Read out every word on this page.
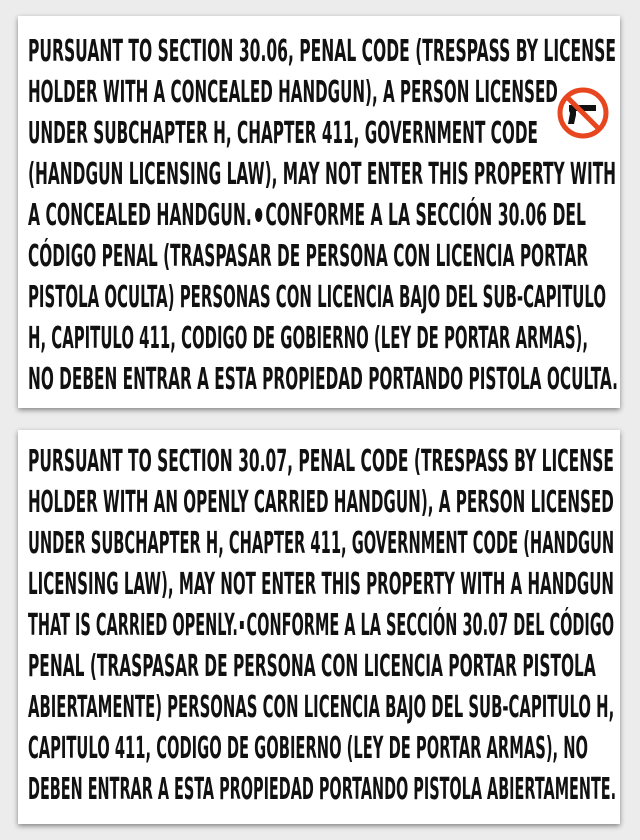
PURSUANT TO SECTION 30.06, PENAL CODE (TRESPASS BY LICENSE
HOLDER WITH A CONCEALED HANDGUN), A PERSON LICENSED
UNDER SUBCHAPTER H, CHAPTER 411, GOVERNMENT CODE
(HANDGUN LICENSING LAW), MAY NOT ENTER THIS PROPERTY WITH
A CONCEALED HANDGUN. CONFORME A LA SECCIÓN 30.06 DEL
CÓDIGO PENAL (TRASPASAR DE PERSONA CON LICENCIA PORTAR
PISTOLA OCULTA) PERSONAS CON LICENCIA BAJO DEL SUB-CAPITULO
H, CAPITULO 411, CODIGO DE GOBIERNO (LEY DE PORTAR ARMAS),
NO DEBEN ENTRAR A ESTA PROPIEDAD PORTANDO PISTOLA OCULTA.
PURSUANT TO SECTION 30.07, PENAL CODE (TRESPASS BY LICENSE
HOLDER WITH AN OPENLY CARRIED HANDGUN), A PERSON LICENSED
UNDER SUBCHAPTER H, CHAPTER 411, GOVERNMENT CODE (HANDGUN
LICENSING LAW), MAY NOT ENTER THIS PROPERTY WITH A HANDGUN
THAT IS CARRIED OPENLY. CONFORME A LA SECCIÓN 30.07 DEL CÓDIGO
PENAL (TRASPASAR DE PERSONA CON LICENCIA PORTAR PISTOLA
ABIERTAMENTE) PERSONAS CON LICENCIA BAJO DEL SUB-CAPITULO H,
CAPITULO 411, CODIGO DE GOBIERNO (LEY DE PORTAR ARMAS), NO
DEBEN ENTRAR A ESTA PROPIEDAD PORTANDO PISTOLA ABIERTAMENTE.
